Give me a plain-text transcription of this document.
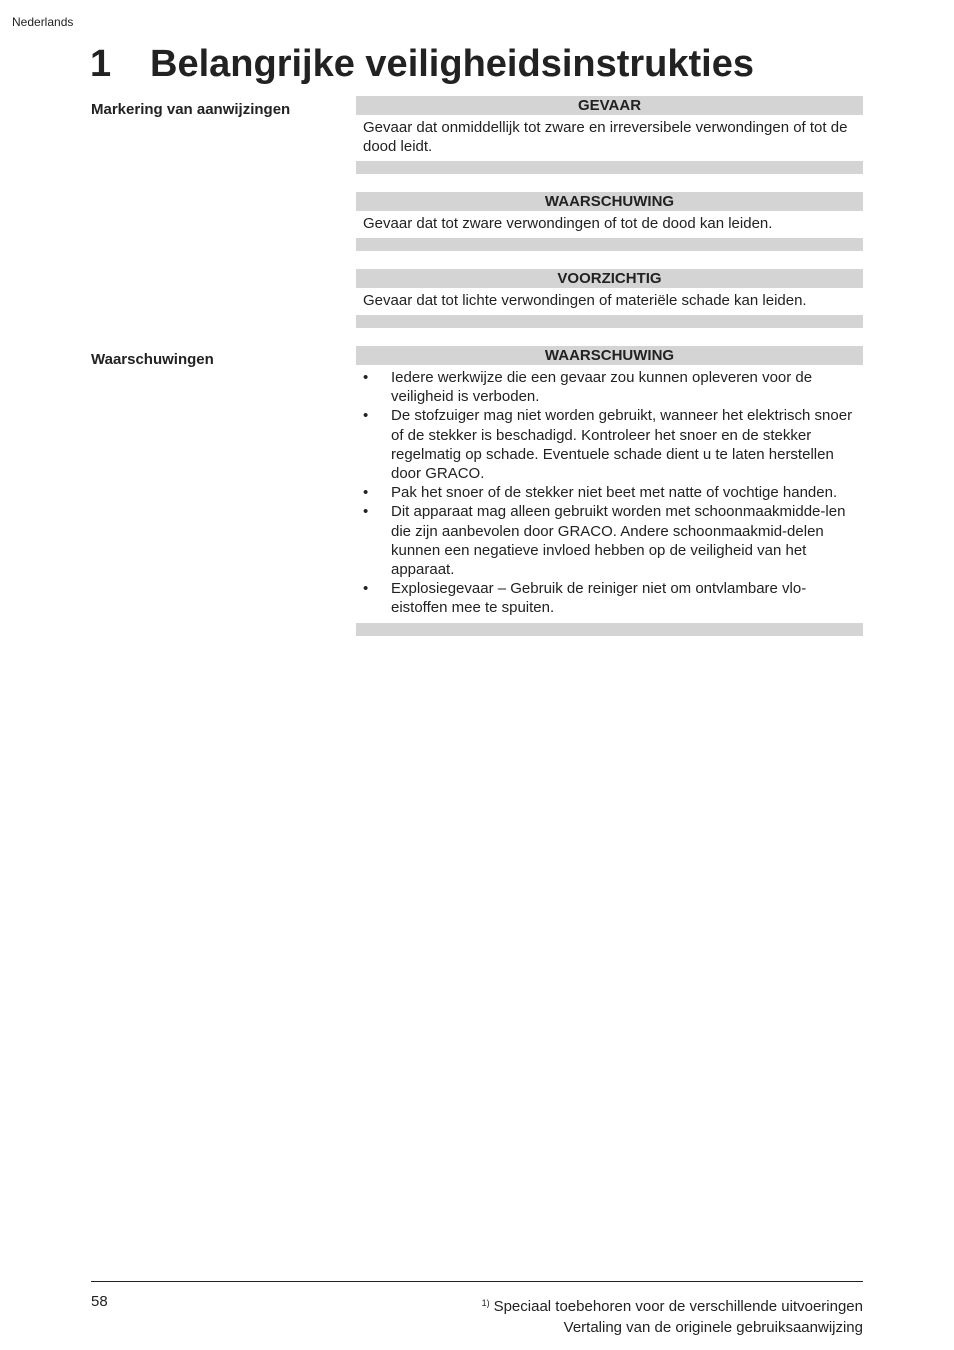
Nederlands
1 Belangrijke veiligheidsinstrukties
Markering van aanwijzingen
Waarschuwingen
GEVAAR
Gevaar dat onmiddellijk tot zware en irreversibele verwondingen of tot de dood leidt.
WAARSCHUWING
Gevaar dat tot zware verwondingen of tot de dood kan leiden.
VOORZICHTIG
Gevaar dat tot lichte verwondingen of materiële schade kan leiden.
WAARSCHUWING
• Iedere werkwijze die een gevaar zou kunnen opleveren voor de veiligheid is verboden.
• De stofzuiger mag niet worden gebruikt, wanneer het elektrisch snoer of de stekker is beschadigd. Kontroleer het snoer en de stekker regelmatig op schade. Eventuele schade dient u te laten herstellen door GRACO.
• Pak het snoer of de stekker niet beet met natte of vochtige handen.
• Dit apparaat mag alleen gebruikt worden met schoonmaakmidde-len die zijn aanbevolen door GRACO. Andere schoonmaakmid-delen kunnen een negatieve invloed hebben op de veiligheid van het apparaat.
• Explosiegevaar – Gebruik de reiniger niet om ontvlambare vlo-eistoffen mee te spuiten.
58	$^{1)}$ Speciaal toebehoren voor de verschillende uitvoeringen
Vertaling van de originele gebruiksaanwijzing
